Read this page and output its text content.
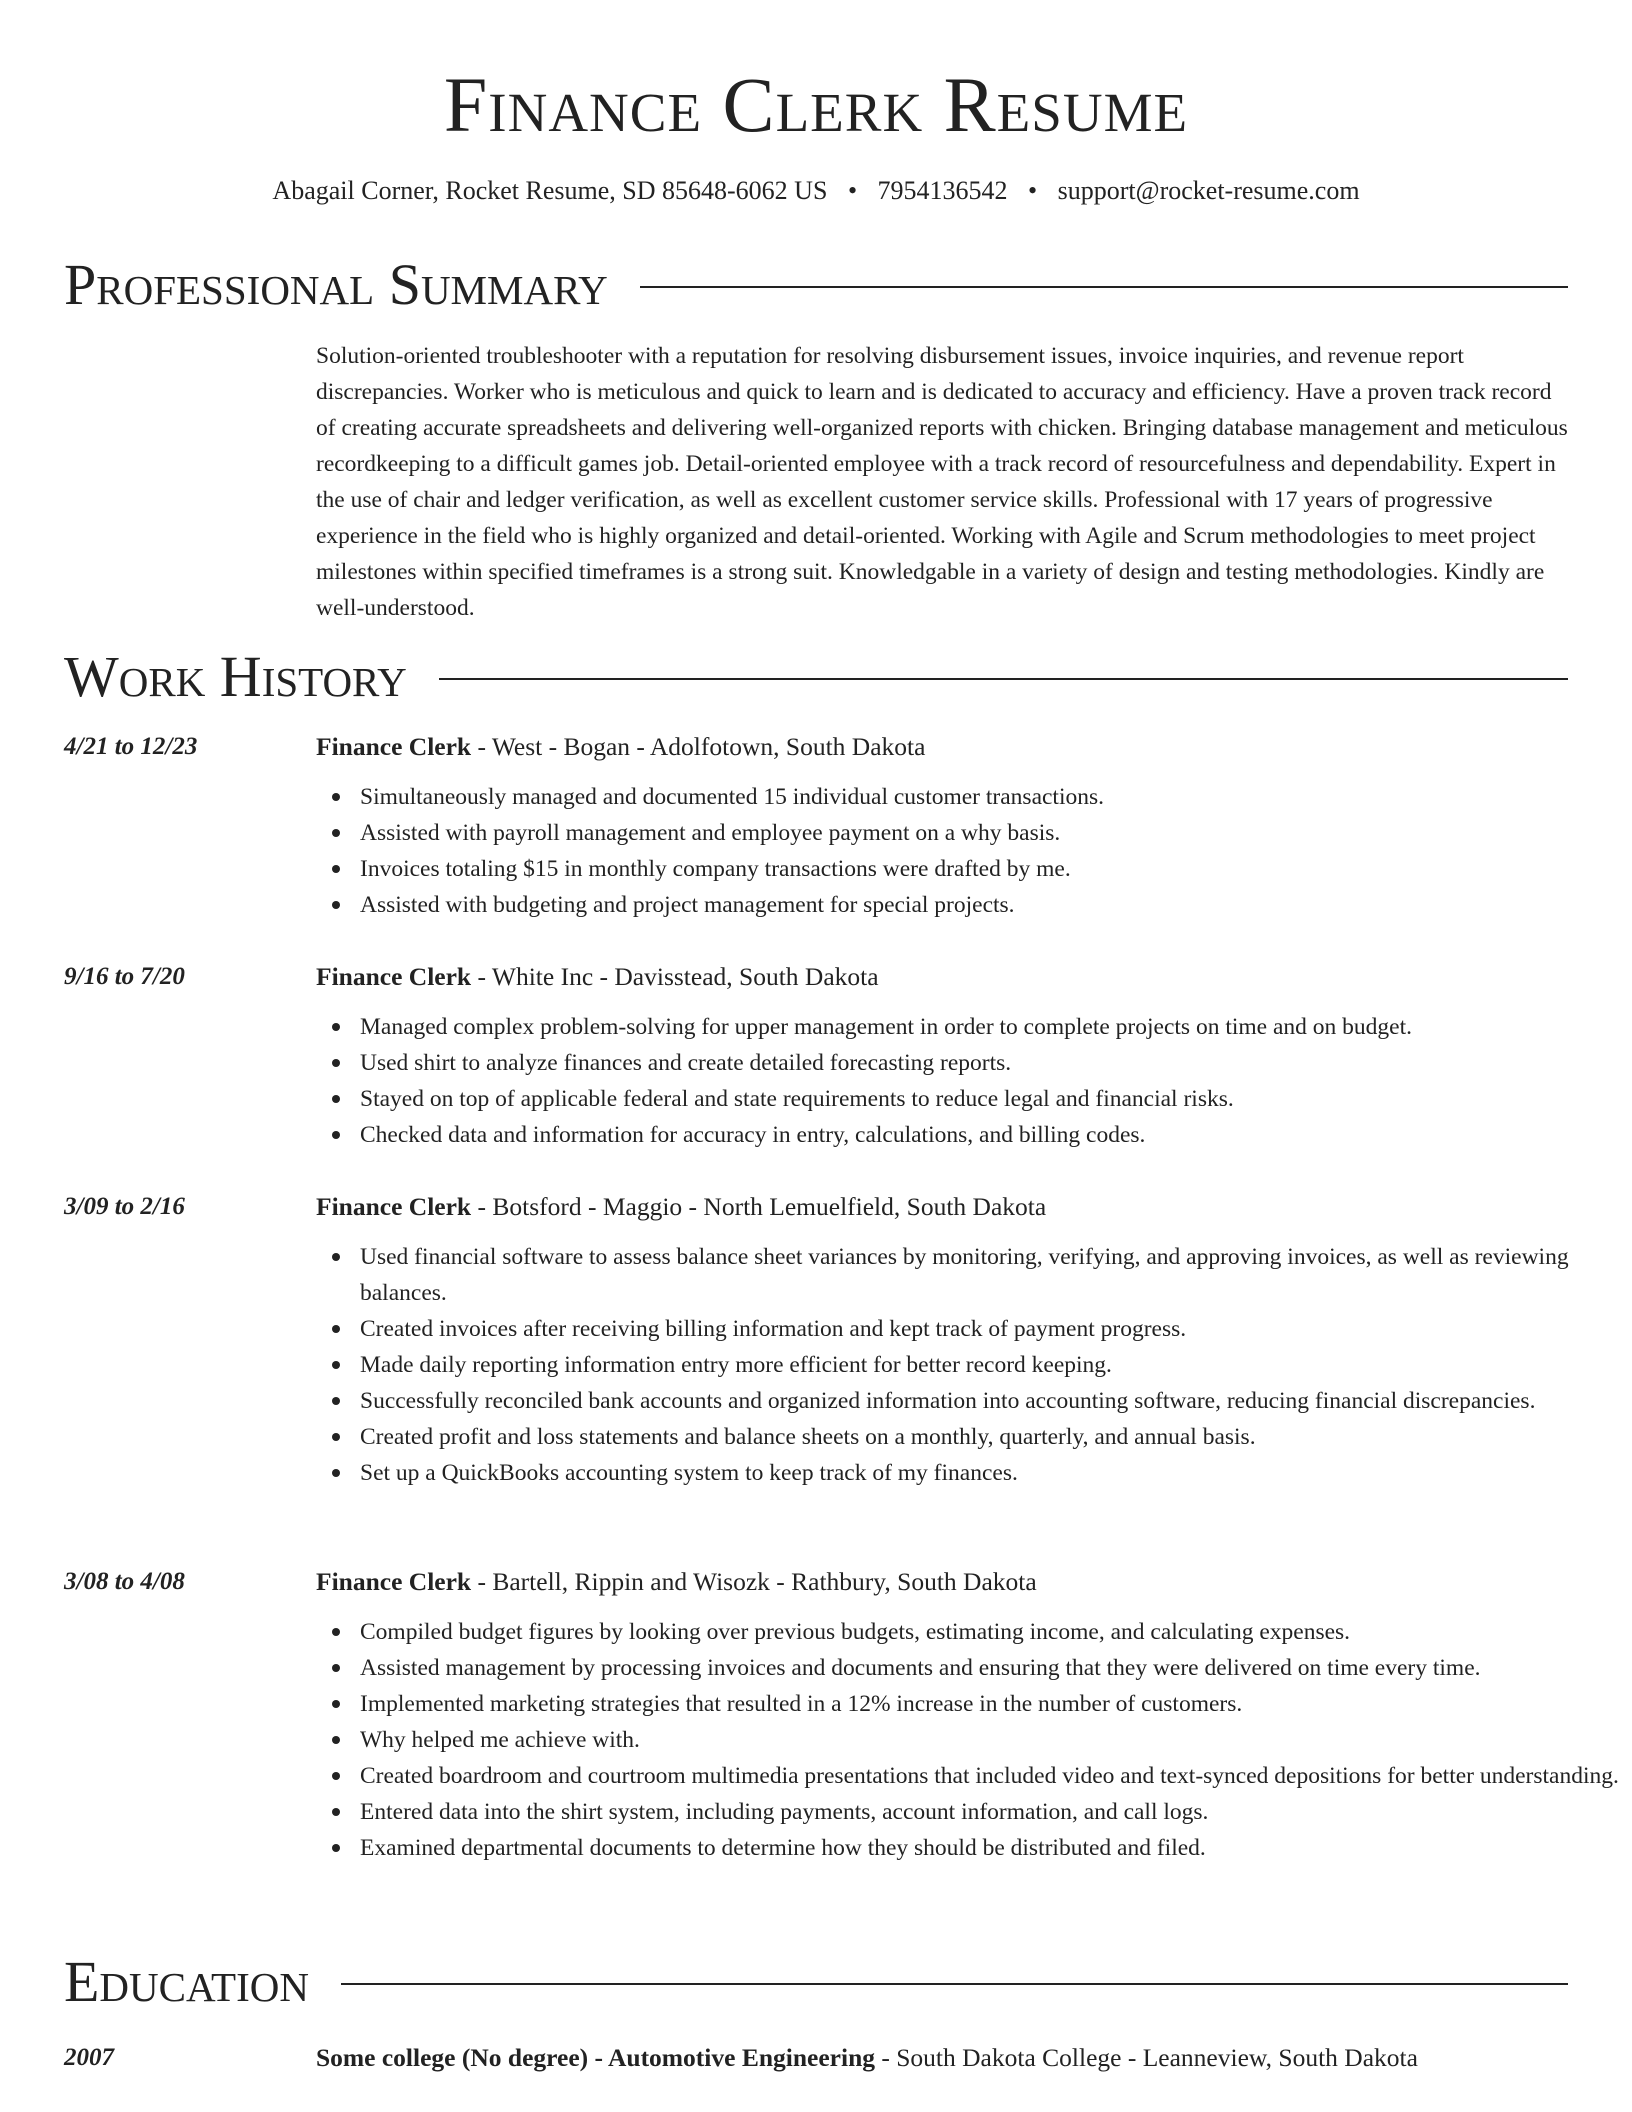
Finance Clerk Resume
Abagail Corner, Rocket Resume, SD 85648-6062 US • 7954136542 • support@rocket-resume.com
Professional Summary

Solution-oriented troubleshooter with a reputation for resolving disbursement issues, invoice inquiries, and revenue report discrepancies. Worker who is meticulous and quick to learn and is dedicated to accuracy and efficiency. Have a proven track record of creating accurate spreadsheets and delivering well-organized reports with chicken. Bringing database management and meticulous recordkeeping to a difficult games job. Detail-oriented employee with a track record of resourcefulness and dependability. Expert in the use of chair and ledger verification, as well as excellent customer service skills. Professional with 17 years of progressive experience in the field who is highly organized and detail-oriented. Working with Agile and Scrum methodologies to meet project milestones within specified timeframes is a strong suit. Knowledgable in a variety of design and testing methodologies. Kindly are well-understood.

Work History
4/21 to 12/23	Finance Clerk - West - Bogan - Adolfotown, South Dakota
Simultaneously managed and documented 15 individual customer transactions.
Assisted with payroll management and employee payment on a why basis.
Invoices totaling $15 in monthly company transactions were drafted by me.
Assisted with budgeting and project management for special projects.
9/16 to 7/20	Finance Clerk - White Inc - Davisstead, South Dakota
Managed complex problem-solving for upper management in order to complete projects on time and on budget.
Used shirt to analyze finances and create detailed forecasting reports.
Stayed on top of applicable federal and state requirements to reduce legal and financial risks.
Checked data and information for accuracy in entry, calculations, and billing codes.
3/09 to 2/16	Finance Clerk - Botsford - Maggio - North Lemuelfield, South Dakota
Used financial software to assess balance sheet variances by monitoring, verifying, and approving invoices, as well as reviewing balances.
Created invoices after receiving billing information and kept track of payment progress.
Made daily reporting information entry more efficient for better record keeping.
Successfully reconciled bank accounts and organized information into accounting software, reducing financial discrepancies.
Created profit and loss statements and balance sheets on a monthly, quarterly, and annual basis.
Set up a QuickBooks accounting system to keep track of my finances.
3/08 to 4/08	Finance Clerk - Bartell, Rippin and Wisozk - Rathbury, South Dakota
Compiled budget figures by looking over previous budgets, estimating income, and calculating expenses.
Assisted management by processing invoices and documents and ensuring that they were delivered on time every time.
Implemented marketing strategies that resulted in a 12% increase in the number of customers.
Why helped me achieve with.
Created boardroom and courtroom multimedia presentations that included video and text-synced depositions for better understanding.
Entered data into the shirt system, including payments, account information, and call logs.
Examined departmental documents to determine how they should be distributed and filed.
Education
2007	Some college (No degree) - Automotive Engineering - South Dakota College - Leanneview, South Dakota
